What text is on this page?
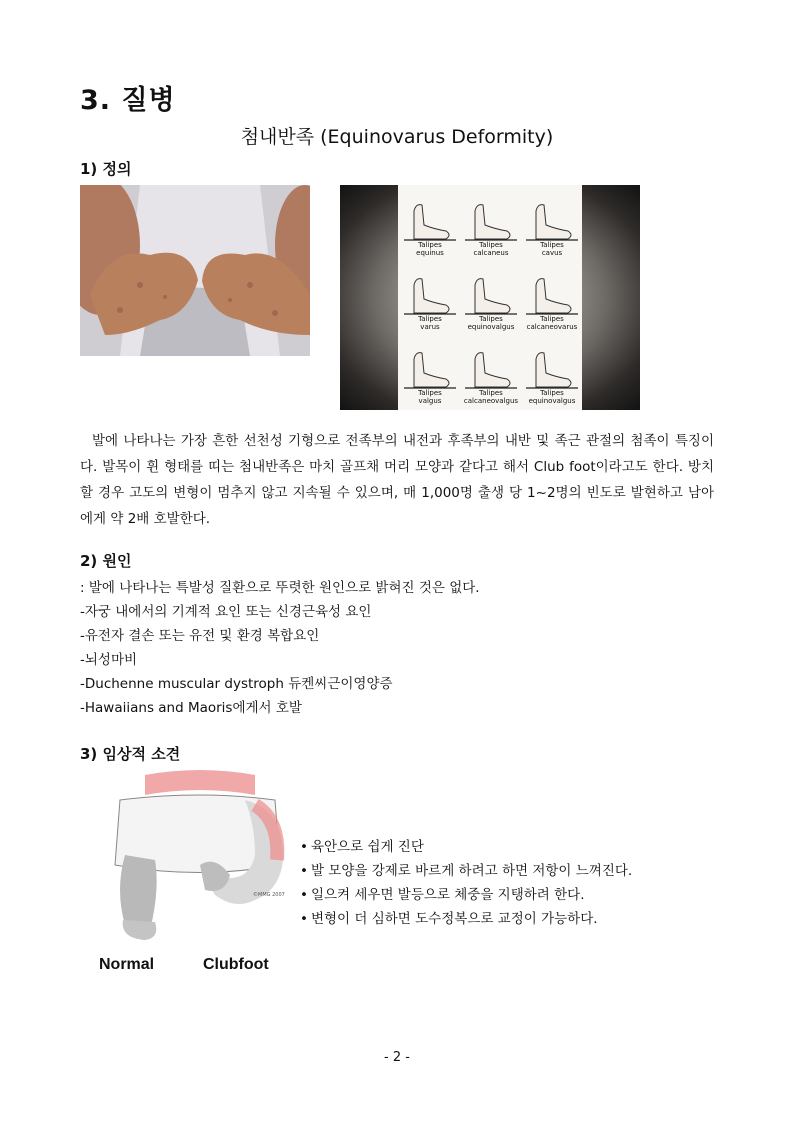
3. 질병
첨내반족 (Equinovarus Deformity)
1) 정의
Talipes
equinus
Talipes
calcaneus
Talipes
cavus
Talipes
varus
Talipes
equinovalgus
Talipes
calcaneovarus
Talipes
valgus
Talipes
calcaneovalgus
Talipes
equinovalgus
발에 나타나는 가장 흔한 선천성 기형으로 전족부의 내전과 후족부의 내반 및 족근 관절의 첨족이 특징이다. 발목이 휜 형태를 띠는 첨내반족은 마치 골프채 머리 모양과 같다고 해서 Club foot이라고도 한다. 방치 할 경우 고도의 변형이 멈추지 않고 지속될 수 있으며, 매 1,000명 출생 당 1~2명의 빈도로 발현하고 남아에게 약 2배 호발한다.
2) 원인
: 발에 나타나는 특발성 질환으로 뚜렷한 원인으로 밝혀진 것은 없다.
-자궁 내에서의 기계적 요인 또는 신경근육성 요인
-유전자 결손 또는 유전 및 환경 복합요인
-뇌성마비
-Duchenne muscular dystroph 듀켄씨근이영양증
-Hawaiians and Maoris에게서 호발
3) 임상적 소견
Normal	Clubfoot
©MMG 2007
• 육안으로 쉽게 진단
• 발 모양을 강제로 바르게 하려고 하면 저항이 느껴진다.
• 일으켜 세우면 발등으로 체중을 지탱하려 한다.
• 변형이 더 심하면 도수정복으로 교정이 가능하다.
- 2 -
